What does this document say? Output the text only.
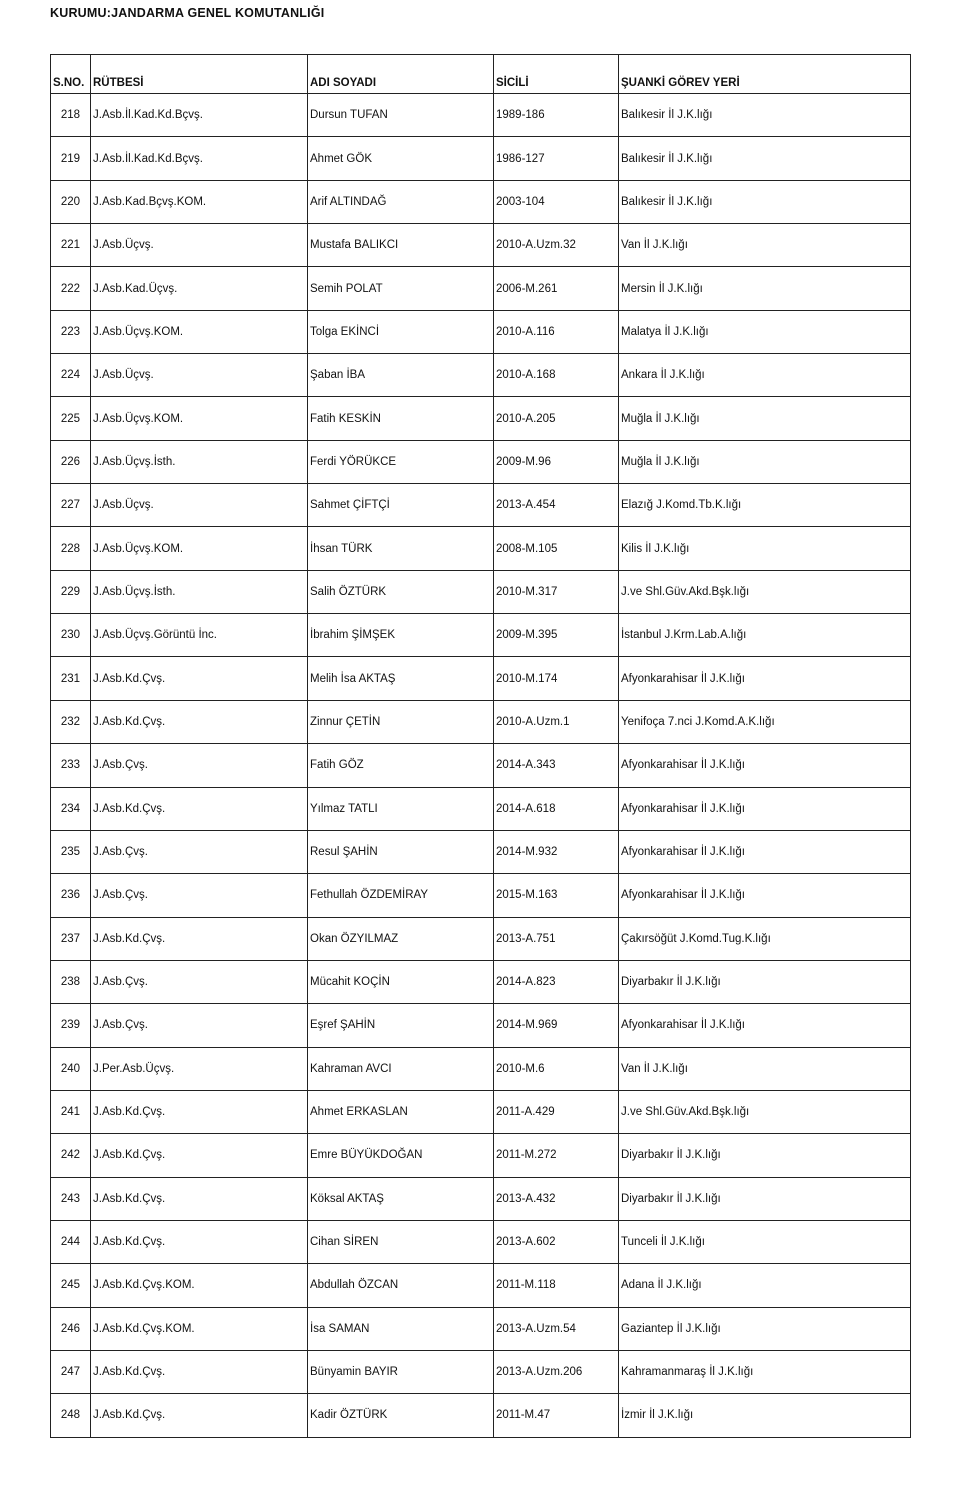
KURUMU:JANDARMA GENEL KOMUTANLIĞI
S.NO.	RÜTBESİ	ADI SOYADI	SİCİLİ	ŞUANKİ GÖREV YERİ
218	J.Asb.İl.Kad.Kd.Bçvş.	Dursun TUFAN	1989-186	Balıkesir İl J.K.lığı
219	J.Asb.İl.Kad.Kd.Bçvş.	Ahmet GÖK	1986-127	Balıkesir İl J.K.lığı
220	J.Asb.Kad.Bçvş.KOM.	Arif ALTINDAĞ	2003-104	Balıkesir İl J.K.lığı
221	J.Asb.Üçvş.	Mustafa BALIKCI	2010-A.Uzm.32	Van İl J.K.lığı
222	J.Asb.Kad.Üçvş.	Semih POLAT	2006-M.261	Mersin İl J.K.lığı
223	J.Asb.Üçvş.KOM.	Tolga EKİNCİ	2010-A.116	Malatya İl J.K.lığı
224	J.Asb.Üçvş.	Şaban İBA	2010-A.168	Ankara İl J.K.lığı
225	J.Asb.Üçvş.KOM.	Fatih KESKİN	2010-A.205	Muğla İl J.K.lığı
226	J.Asb.Üçvş.İsth.	Ferdi YÖRÜKCE	2009-M.96	Muğla İl J.K.lığı
227	J.Asb.Üçvş.	Sahmet ÇİFTÇİ	2013-A.454	Elazığ J.Komd.Tb.K.lığı
228	J.Asb.Üçvş.KOM.	İhsan TÜRK	2008-M.105	Kilis İl J.K.lığı
229	J.Asb.Üçvş.İsth.	Salih ÖZTÜRK	2010-M.317	J.ve Shl.Güv.Akd.Bşk.lığı
230	J.Asb.Üçvş.Görüntü İnc.	İbrahim ŞİMŞEK	2009-M.395	İstanbul J.Krm.Lab.A.lığı
231	J.Asb.Kd.Çvş.	Melih İsa AKTAŞ	2010-M.174	Afyonkarahisar İl J.K.lığı
232	J.Asb.Kd.Çvş.	Zinnur ÇETİN	2010-A.Uzm.1	Yenifoça 7.nci J.Komd.A.K.lığı
233	J.Asb.Çvş.	Fatih GÖZ	2014-A.343	Afyonkarahisar İl J.K.lığı
234	J.Asb.Kd.Çvş.	Yılmaz TATLI	2014-A.618	Afyonkarahisar İl J.K.lığı
235	J.Asb.Çvş.	Resul ŞAHİN	2014-M.932	Afyonkarahisar İl J.K.lığı
236	J.Asb.Çvş.	Fethullah ÖZDEMİRAY	2015-M.163	Afyonkarahisar İl J.K.lığı
237	J.Asb.Kd.Çvş.	Okan ÖZYILMAZ	2013-A.751	Çakırsöğüt J.Komd.Tug.K.lığı
238	J.Asb.Çvş.	Mücahit KOÇİN	2014-A.823	Diyarbakır İl J.K.lığı
239	J.Asb.Çvş.	Eşref ŞAHİN	2014-M.969	Afyonkarahisar İl J.K.lığı
240	J.Per.Asb.Üçvş.	Kahraman AVCI	2010-M.6	Van İl J.K.lığı
241	J.Asb.Kd.Çvş.	Ahmet ERKASLAN	2011-A.429	J.ve Shl.Güv.Akd.Bşk.lığı
242	J.Asb.Kd.Çvş.	Emre BÜYÜKDOĞAN	2011-M.272	Diyarbakır İl J.K.lığı
243	J.Asb.Kd.Çvş.	Köksal AKTAŞ	2013-A.432	Diyarbakır İl J.K.lığı
244	J.Asb.Kd.Çvş.	Cihan SİREN	2013-A.602	Tunceli İl J.K.lığı
245	J.Asb.Kd.Çvş.KOM.	Abdullah ÖZCAN	2011-M.118	Adana İl J.K.lığı
246	J.Asb.Kd.Çvş.KOM.	İsa SAMAN	2013-A.Uzm.54	Gaziantep İl J.K.lığı
247	J.Asb.Kd.Çvş.	Bünyamin BAYIR	2013-A.Uzm.206	Kahramanmaraş İl J.K.lığı
248	J.Asb.Kd.Çvş.	Kadir ÖZTÜRK	2011-M.47	İzmir İl J.K.lığı
